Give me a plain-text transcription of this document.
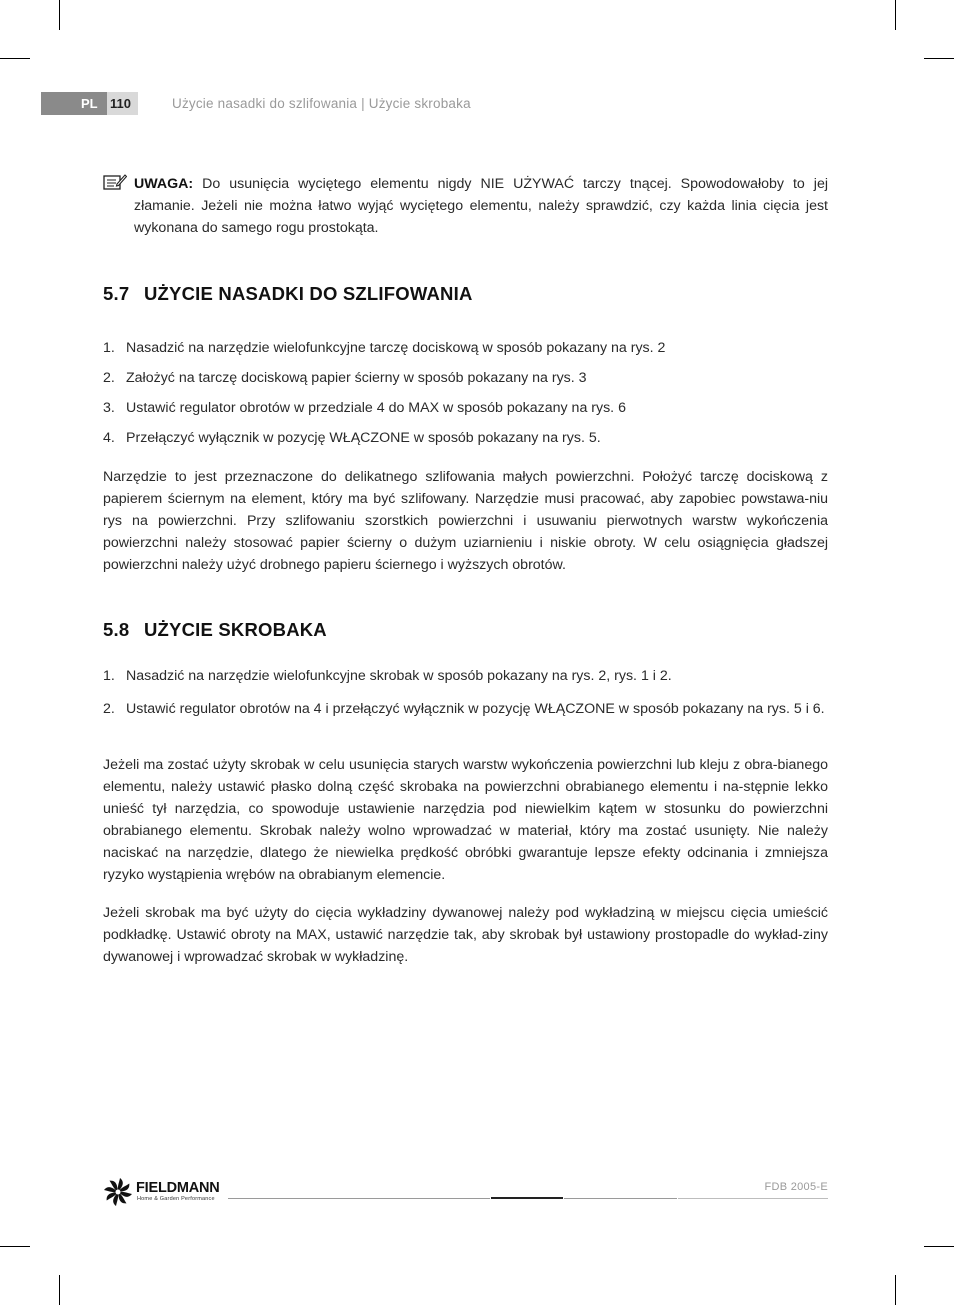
PL 110	Użycie nasadki do szlifowania | Użycie skrobaka
UWAGA: Do usunięcia wyciętego elementu nigdy NIE UŻYWAĆ tarczy tnącej. Spowodowałoby to jej złamanie. Jeżeli nie można łatwo wyjąć wyciętego elementu, należy sprawdzić, czy każda linia cięcia jest wykonana do samego rogu prostokąta.
5.7 UŻYCIE NASADKI DO SZLIFOWANIA
1. Nasadzić na narzędzie wielofunkcyjne tarczę dociskową w sposób pokazany na rys. 2
2. Założyć na tarczę dociskową papier ścierny w sposób pokazany na rys. 3
3. Ustawić regulator obrotów w przedziale 4 do MAX w sposób pokazany na rys. 6
4. Przełączyć wyłącznik w pozycję WŁĄCZONE w sposób pokazany na rys. 5.
Narzędzie to jest przeznaczone do delikatnego szlifowania małych powierzchni. Położyć tarczę dociskową z papierem ściernym na element, który ma być szlifowany. Narzędzie musi pracować, aby zapobiec powstawa-niu rys na powierzchni. Przy szlifowaniu szorstkich powierzchni i usuwaniu pierwotnych warstw wykończenia powierzchni należy stosować papier ścierny o dużym uziarnieniu i niskie obroty. W celu osiągnięcia gładszej powierzchni należy użyć drobnego papieru ściernego i wyższych obrotów.
5.8 UŻYCIE SKROBAKA
1. Nasadzić na narzędzie wielofunkcyjne skrobak w sposób pokazany na rys. 2, rys. 1 i 2.
2. Ustawić regulator obrotów na 4 i przełączyć wyłącznik w pozycję WŁĄCZONE w sposób pokazany na rys. 5 i 6.
Jeżeli ma zostać użyty skrobak w celu usunięcia starych warstw wykończenia powierzchni lub kleju z obra-bianego elementu, należy ustawić płasko dolną część skrobaka na powierzchni obrabianego elementu i na-stępnie lekko unieść tył narzędzia, co spowoduje ustawienie narzędzia pod niewielkim kątem w stosunku do powierzchni obrabianego elementu. Skrobak należy wolno wprowadzać w materiał, który ma zostać usunięty. Nie należy naciskać na narzędzie, dlatego że niewielka prędkość obróbki gwarantuje lepsze efekty odcinania i zmniejsza ryzyko wystąpienia wrębów na obrabianym elemencie.
Jeżeli skrobak ma być użyty do cięcia wykładziny dywanowej należy pod wykładziną w miejscu cięcia umieścić podkładkę. Ustawić obroty na MAX, ustawić narzędzie tak, aby skrobak był ustawiony prostopadle do wykład-ziny dywanowej i wprowadzać skrobak w wykładzinę.
FIELDMANN
Home & Garden Performance
FDB 2005-E
